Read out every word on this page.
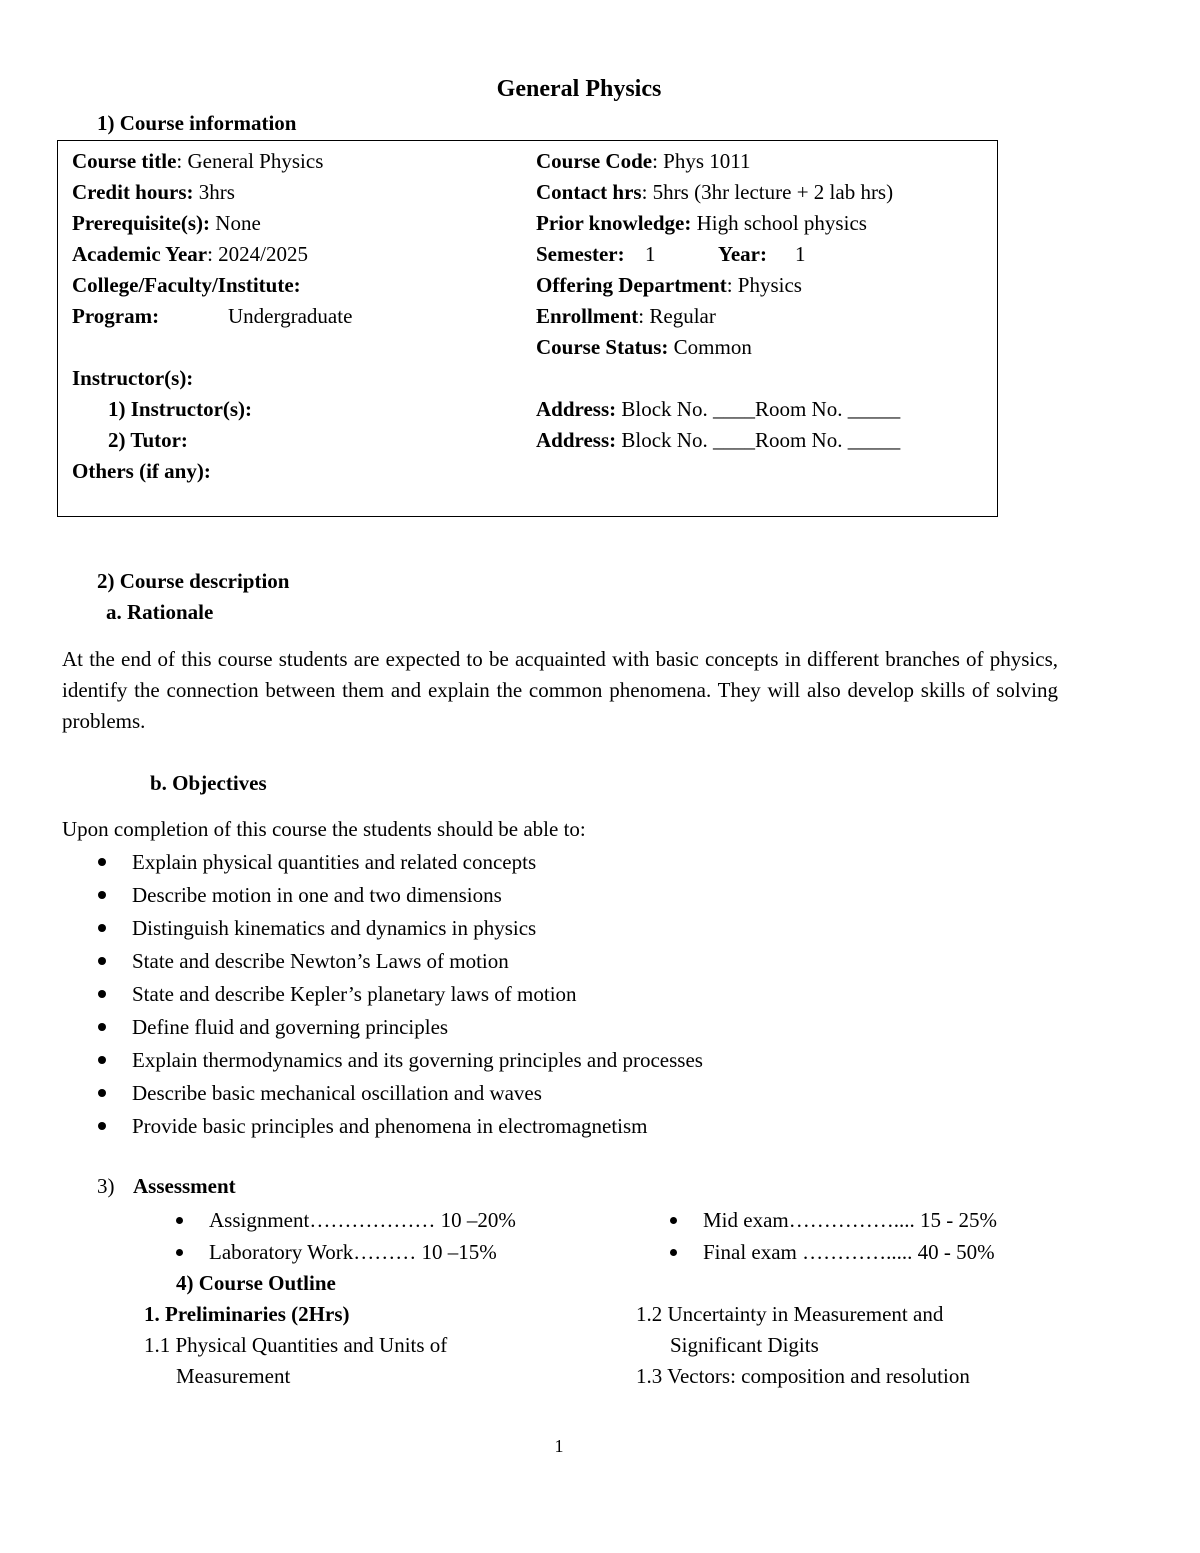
General Physics
1) Course information
Course title: General Physics
Credit hours: 3hrs
Prerequisite(s): None
Academic Year: 2024/2025
College/Faculty/Institute:
Program:	Undergraduate
Instructor(s):
1) Instructor(s):
2) Tutor:
Others (if any):
Course Code: Phys 1011
Contact hrs: 5hrs (3hr lecture + 2 lab hrs)
Prior knowledge: High school physics
Semester: 1	Year: 1
Offering Department: Physics
Enrollment: Regular
Course Status: Common
Address: Block No. ____Room No. _____
Address: Block No. ____Room No. _____
2) Course description
a. Rationale
At the end of this course students are expected to be acquainted with basic concepts in different branches of physics, identify the connection between them and explain the common phenomena. They will also develop skills of solving problems.
b. Objectives
Upon completion of this course the students should be able to:
Explain physical quantities and related concepts
Describe motion in one and two dimensions
Distinguish kinematics and dynamics in physics
State and describe Newton’s Laws of motion
State and describe Kepler’s planetary laws of motion
Define fluid and governing principles
Explain thermodynamics and its governing principles and processes
Describe basic mechanical oscillation and waves
Provide basic principles and phenomena in electromagnetism
3) Assessment
Assignment……………… 10 –20%
Laboratory Work……… 10 –15%
Mid exam…………….... 15 - 25%
Final exam …………..... 40 - 50%
4) Course Outline
1. Preliminaries (2Hrs)
1.1 Physical Quantities and Units of
Measurement
1.2 Uncertainty in Measurement and
Significant Digits
1.3 Vectors: composition and resolution
1
